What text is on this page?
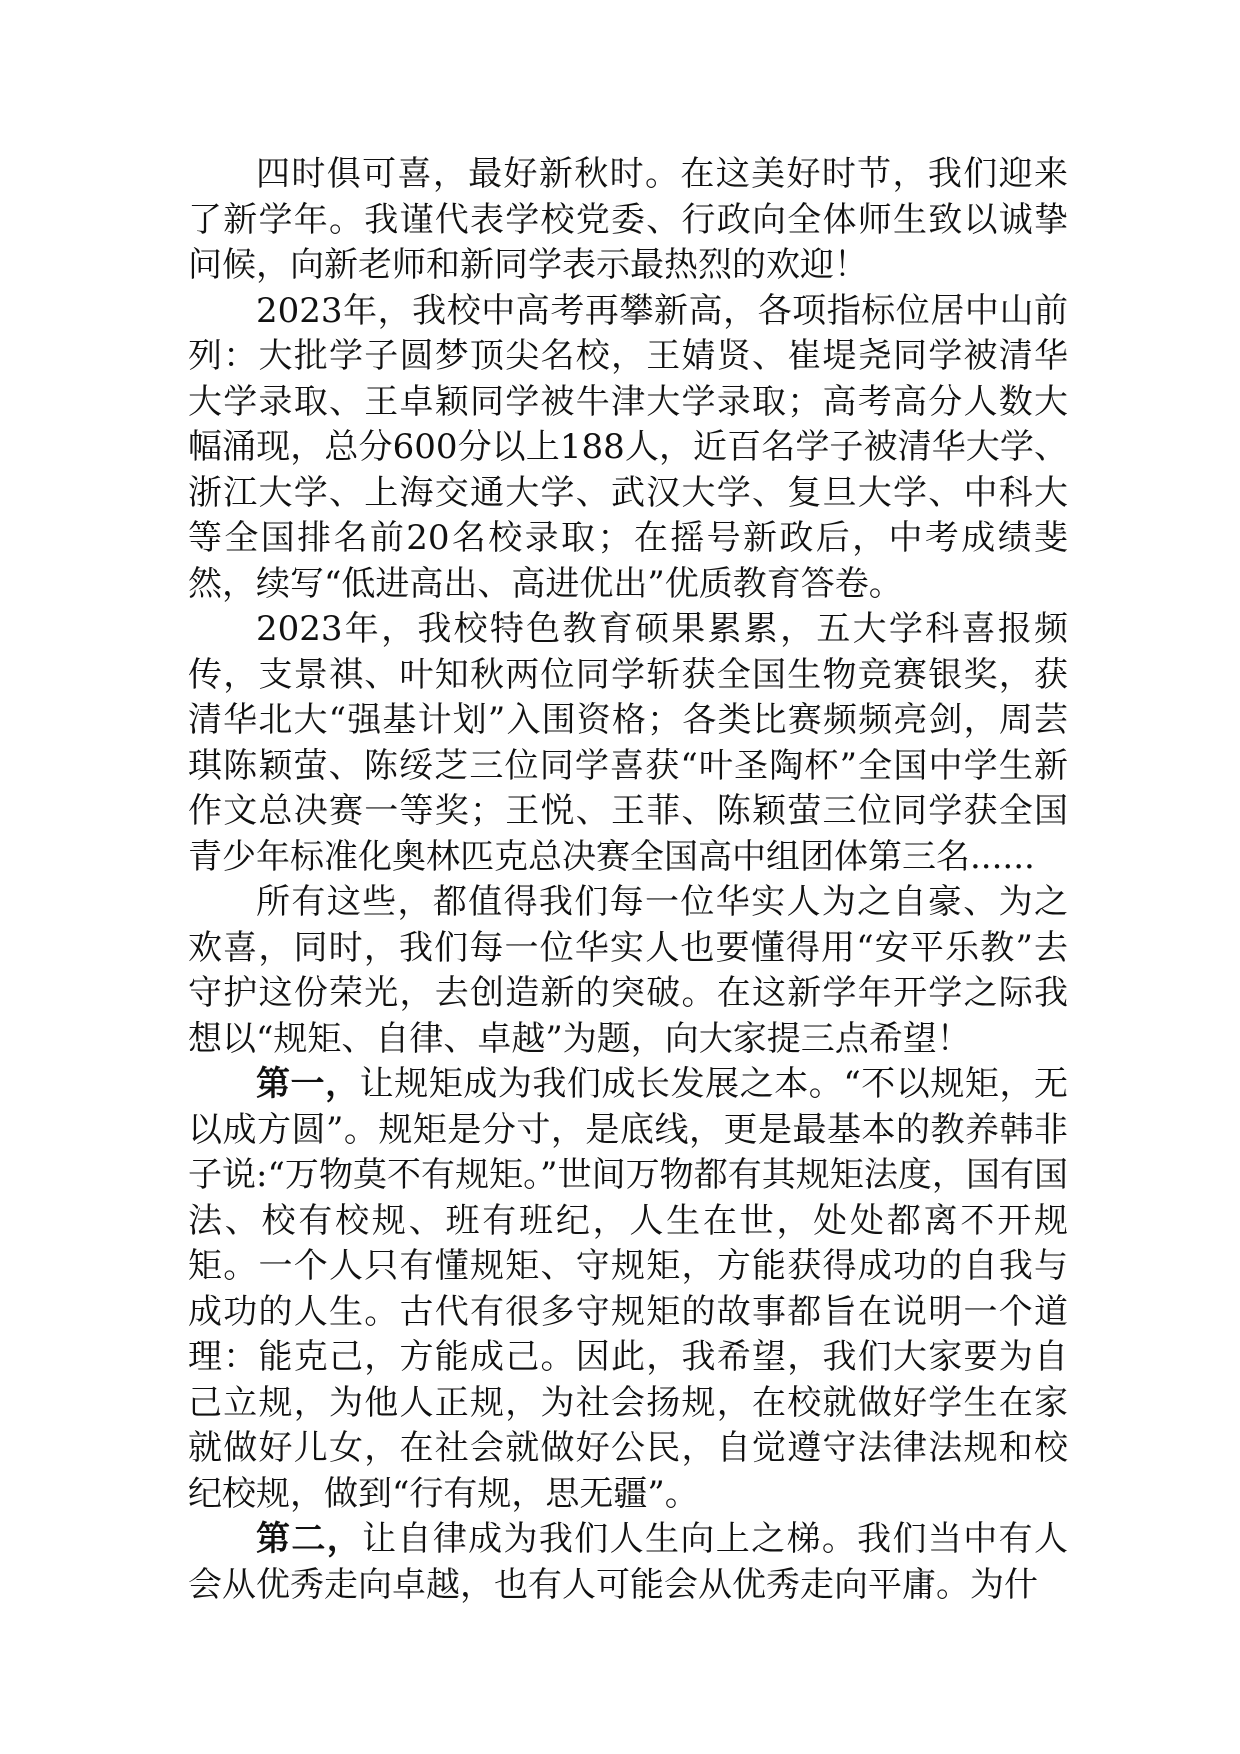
四时俱可喜，最好新秋时。在这美好时节，我们迎来了新学年。我谨代表学校党委、行政向全体师生致以诚挚问候，向新老师和新同学表示最热烈的欢迎！

2023年，我校中高考再攀新高，各项指标位居中山前列：大批学子圆梦顶尖名校，王婧贤、崔堤尧同学被清华大学录取、王卓颖同学被牛津大学录取；高考高分人数大幅涌现，总分600分以上188人，近百名学子被清华大学、浙江大学、上海交通大学、武汉大学、复旦大学、中科大等全国排名前20名校录取；在摇号新政后，中考成绩斐然，续写“低进高出、高进优出”优质教育答卷。

2023年，我校特色教育硕果累累，五大学科喜报频传，支景祺、叶知秋两位同学斩获全国生物竞赛银奖，获清华北大“强基计划”入围资格；各类比赛频频亮剑，周芸琪陈颖萤、陈绥芝三位同学喜获“叶圣陶杯”全国中学生新作文总决赛一等奖；王悦、王菲、陈颖萤三位同学获全国青少年标准化奥林匹克总决赛全国高中组团体第三名......

所有这些，都值得我们每一位华实人为之自豪、为之欢喜，同时，我们每一位华实人也要懂得用“安平乐教”去守护这份荣光，去创造新的突破。在这新学年开学之际我想以“规矩、自律、卓越”为题，向大家提三点希望！

第一，让规矩成为我们成长发展之本。“不以规矩，无以成方圆”。规矩是分寸，是底线，更是最基本的教养韩非子说:“万物莫不有规矩。”世间万物都有其规矩法度，国有国法、校有校规、班有班纪，人生在世，处处都离不开规矩。一个人只有懂规矩、守规矩，方能获得成功的自我与成功的人生。古代有很多守规矩的故事都旨在说明一个道理：能克己，方能成己。因此，我希望，我们大家要为自己立规，为他人正规，为社会扬规，在校就做好学生在家就做好儿女，在社会就做好公民，自觉遵守法律法规和校纪校规，做到“行有规，思无疆”。

第二，让自律成为我们人生向上之梯。我们当中有人会从优秀走向卓越，也有人可能会从优秀走向平庸。为什
